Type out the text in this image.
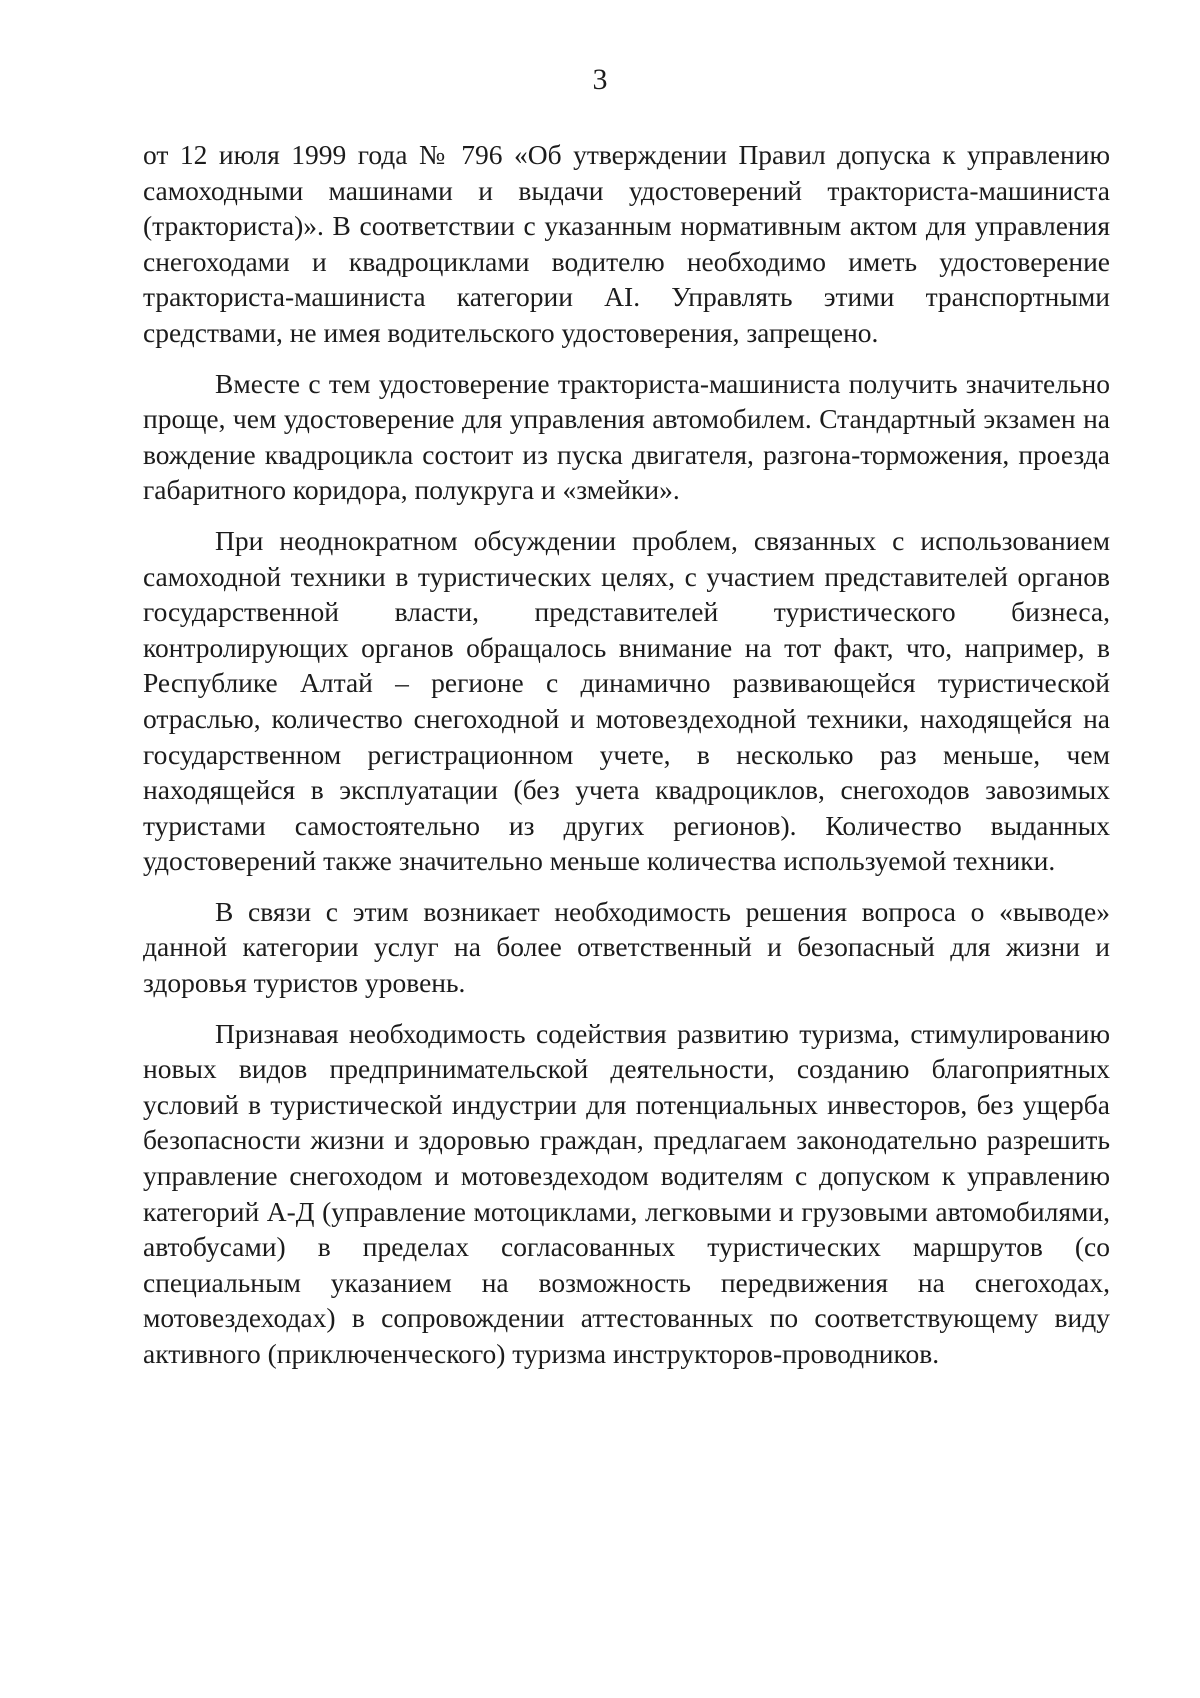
3

от 12 июля 1999 года № 796 «Об утверждении Правил допуска к управлению самоходными машинами и выдачи удостоверений тракториста-машиниста (тракториста)». В соответствии с указанным нормативным актом для управления снегоходами и квадроциклами водителю необходимо иметь удостоверение тракториста-машиниста категории AI. Управлять этими транспортными средствами, не имея водительского удостоверения, запрещено.

Вместе с тем удостоверение тракториста-машиниста получить значительно проще, чем удостоверение для управления автомобилем. Стандартный экзамен на вождение квадроцикла состоит из пуска двигателя, разгона-торможения, проезда габаритного коридора, полукруга и «змейки».

При неоднократном обсуждении проблем, связанных с использованием самоходной техники в туристических целях, с участием представителей органов государственной власти, представителей туристического бизнеса, контролирующих органов обращалось внимание на тот факт, что, например, в Республике Алтай – регионе с динамично развивающейся туристической отраслью, количество снегоходной и мотовездеходной техники, находящейся на государственном регистрационном учете, в несколько раз меньше, чем находящейся в эксплуатации (без учета квадроциклов, снегоходов завозимых туристами самостоятельно из других регионов). Количество выданных удостоверений также значительно меньше количества используемой техники.

В связи с этим возникает необходимость решения вопроса о «выводе» данной категории услуг на более ответственный и безопасный для жизни и здоровья туристов уровень.

Признавая необходимость содействия развитию туризма, стимулированию новых видов предпринимательской деятельности, созданию благоприятных условий в туристической индустрии для потенциальных инвесторов, без ущерба безопасности жизни и здоровью граждан, предлагаем законодательно разрешить управление снегоходом и мотовездеходом водителям с допуском к управлению категорий А-Д (управление мотоциклами, легковыми и грузовыми автомобилями, автобусами) в пределах согласованных туристических маршрутов (со специальным указанием на возможность передвижения на снегоходах, мотовездеходах) в сопровождении аттестованных по соответствующему виду активного (приключенческого) туризма инструкторов-проводников.
